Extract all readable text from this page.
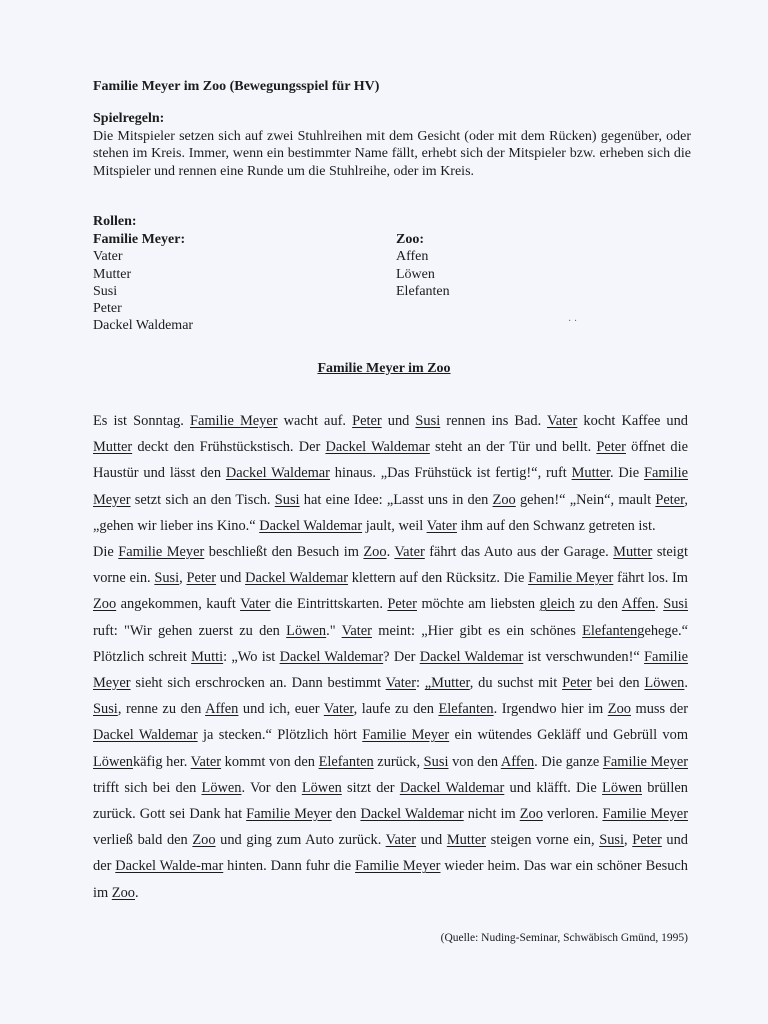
Familie Meyer im Zoo (Bewegungsspiel für HV)
Spielregeln:

Die Mitspieler setzen sich auf zwei Stuhlreihen mit dem Gesicht (oder mit dem Rücken) gegenüber, oder stehen im Kreis. Immer, wenn ein bestimmter Name fällt, erhebt sich der Mitspieler bzw. erheben sich die Mitspieler und rennen eine Runde um die Stuhlreihe, oder im Kreis.

Rollen:
Familie Meyer:
Vater
Mutter
Susi
Peter
Dackel Waldemar
Zoo:
Affen
Löwen
Elefanten
· ·
Familie Meyer im Zoo

Es ist Sonntag. Familie Meyer wacht auf. Peter und Susi rennen ins Bad. Vater kocht Kaffee und Mutter deckt den Frühstückstisch. Der Dackel Waldemar steht an der Tür und bellt. Peter öffnet die Haustür und lässt den Dackel Waldemar hinaus. „Das Frühstück ist fertig!“, ruft Mutter. Die Familie Meyer setzt sich an den Tisch. Susi hat eine Idee: „Lasst uns in den Zoo gehen!“ „Nein“, mault Peter, „gehen wir lieber ins Kino.“ Dackel Waldemar jault, weil Vater ihm auf den Schwanz getreten ist.

Die Familie Meyer beschließt den Besuch im Zoo. Vater fährt das Auto aus der Garage. Mutter steigt vorne ein. Susi, Peter und Dackel Waldemar klettern auf den Rücksitz. Die Familie Meyer fährt los. Im Zoo angekommen, kauft Vater die Eintrittskarten. Peter möchte am liebsten gleich zu den Affen. Susi ruft: "Wir gehen zuerst zu den Löwen." Vater meint: „Hier gibt es ein schönes Elefantengehege.“ Plötzlich schreit Mutti: „Wo ist Dackel Waldemar? Der Dackel Waldemar ist verschwunden!“ Familie Meyer sieht sich erschrocken an. Dann bestimmt Vater: „Mutter, du suchst mit Peter bei den Löwen. Susi, renne zu den Affen und ich, euer Vater, laufe zu den Elefanten. Irgendwo hier im Zoo muss der Dackel Waldemar ja stecken.“ Plötzlich hört Familie Meyer ein wütendes Gekläff und Gebrüll vom Löwenkäfig her. Vater kommt von den Elefanten zurück, Susi von den Affen. Die ganze Familie Meyer trifft sich bei den Löwen. Vor den Löwen sitzt der Dackel Waldemar und kläfft. Die Löwen brüllen zurück. Gott sei Dank hat Familie Meyer den Dackel Waldemar nicht im Zoo verloren. Familie Meyer verließ bald den Zoo und ging zum Auto zurück. Vater und Mutter steigen vorne ein, Susi, Peter und der Dackel Walde-mar hinten. Dann fuhr die Familie Meyer wieder heim. Das war ein schöner Besuch im Zoo.

(Quelle: Nuding-Seminar, Schwäbisch Gmünd, 1995)
